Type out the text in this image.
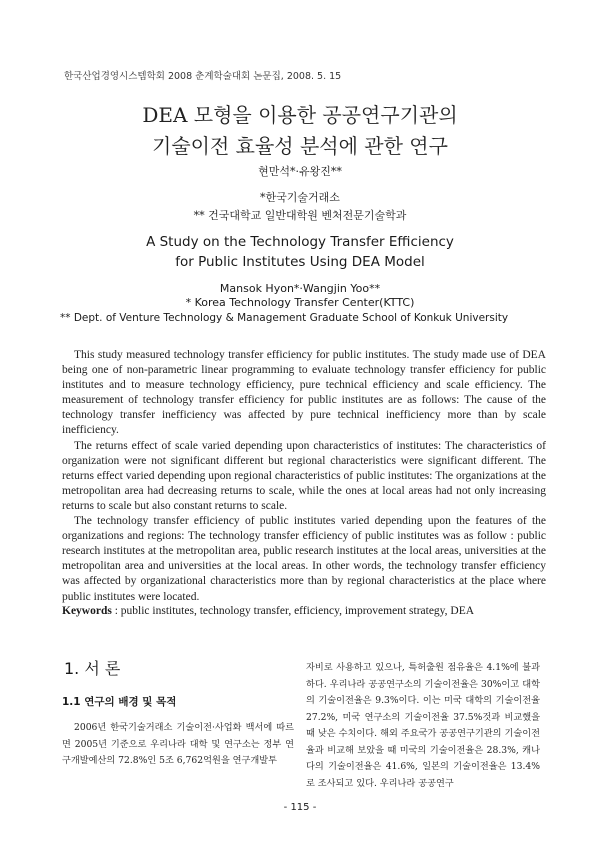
한국산업경영시스템학회 2008 춘계학술대회 논문집, 2008. 5. 15
DEA 모형을 이용한 공공연구기관의
기술이전 효율성 분석에 관한 연구
현만석*·유왕진**
*한국기술거래소
** 건국대학교 일반대학원 벤처전문기술학과
A Study on the Technology Transfer Efficiency
for Public Institutes Using DEA Model
Mansok Hyon*·Wangjin Yoo**
* Korea Technology Transfer Center(KTTC)
** Dept. of Venture Technology & Management Graduate School of Konkuk University

This study measured technology transfer efficiency for public institutes. The study made use of DEA being one of non-parametric linear programming to evaluate technology transfer efficiency for public institutes and to measure technology efficiency, pure technical efficiency and scale efficiency. The measurement of technology transfer efficiency for public institutes are as follows: The cause of the technology transfer inefficiency was affected by pure technical inefficiency more than by scale inefficiency.

The returns effect of scale varied depending upon characteristics of institutes: The characteristics of organization were not significant different but regional characteristics were significant different. The returns effect varied depending upon regional characteristics of public institutes: The organizations at the metropolitan area had decreasing returns to scale, while the ones at local areas had not only increasing returns to scale but also constant returns to scale.

The technology transfer efficiency of public institutes varied depending upon the features of the organizations and regions: The technology transfer efficiency of public institutes was as follow : public research institutes at the metropolitan area, public research institutes at the local areas, universities at the metropolitan area and universities at the local areas. In other words, the technology transfer efficiency was affected by organizational characteristics more than by regional characteristics at the place where public institutes were located.

Keywords : public institutes, technology transfer, efficiency, improvement strategy, DEA
1. 서 론
1.1 연구의 배경 및 목적

2006년 한국기술거래소 기술이전·사업화 백서에 따르면 2005년 기준으로 우리나라 대학 및 연구소는 정부 연구개발예산의 72.8%인 5조 6,762억원을 연구개발투

자비로 사용하고 있으나, 특허출원 점유율은 4.1%에 불과하다. 우리나라 공공연구소의 기술이전율은 30%이고 대학의 기술이전율은 9.3%이다. 이는 미국 대학의 기술이전율 27.2%, 미국 연구소의 기술이전율 37.5%것과 비교했을 때 낮은 수치이다. 해외 주요국가 공공연구기관의 기술이전율과 비교해 보았을 때 미국의 기술이전율은 28.3%, 캐나다의 기술이전율은 41.6%, 일본의 기술이전율은 13.4%로 조사되고 있다. 우리나라 공공연구

- 115 -
